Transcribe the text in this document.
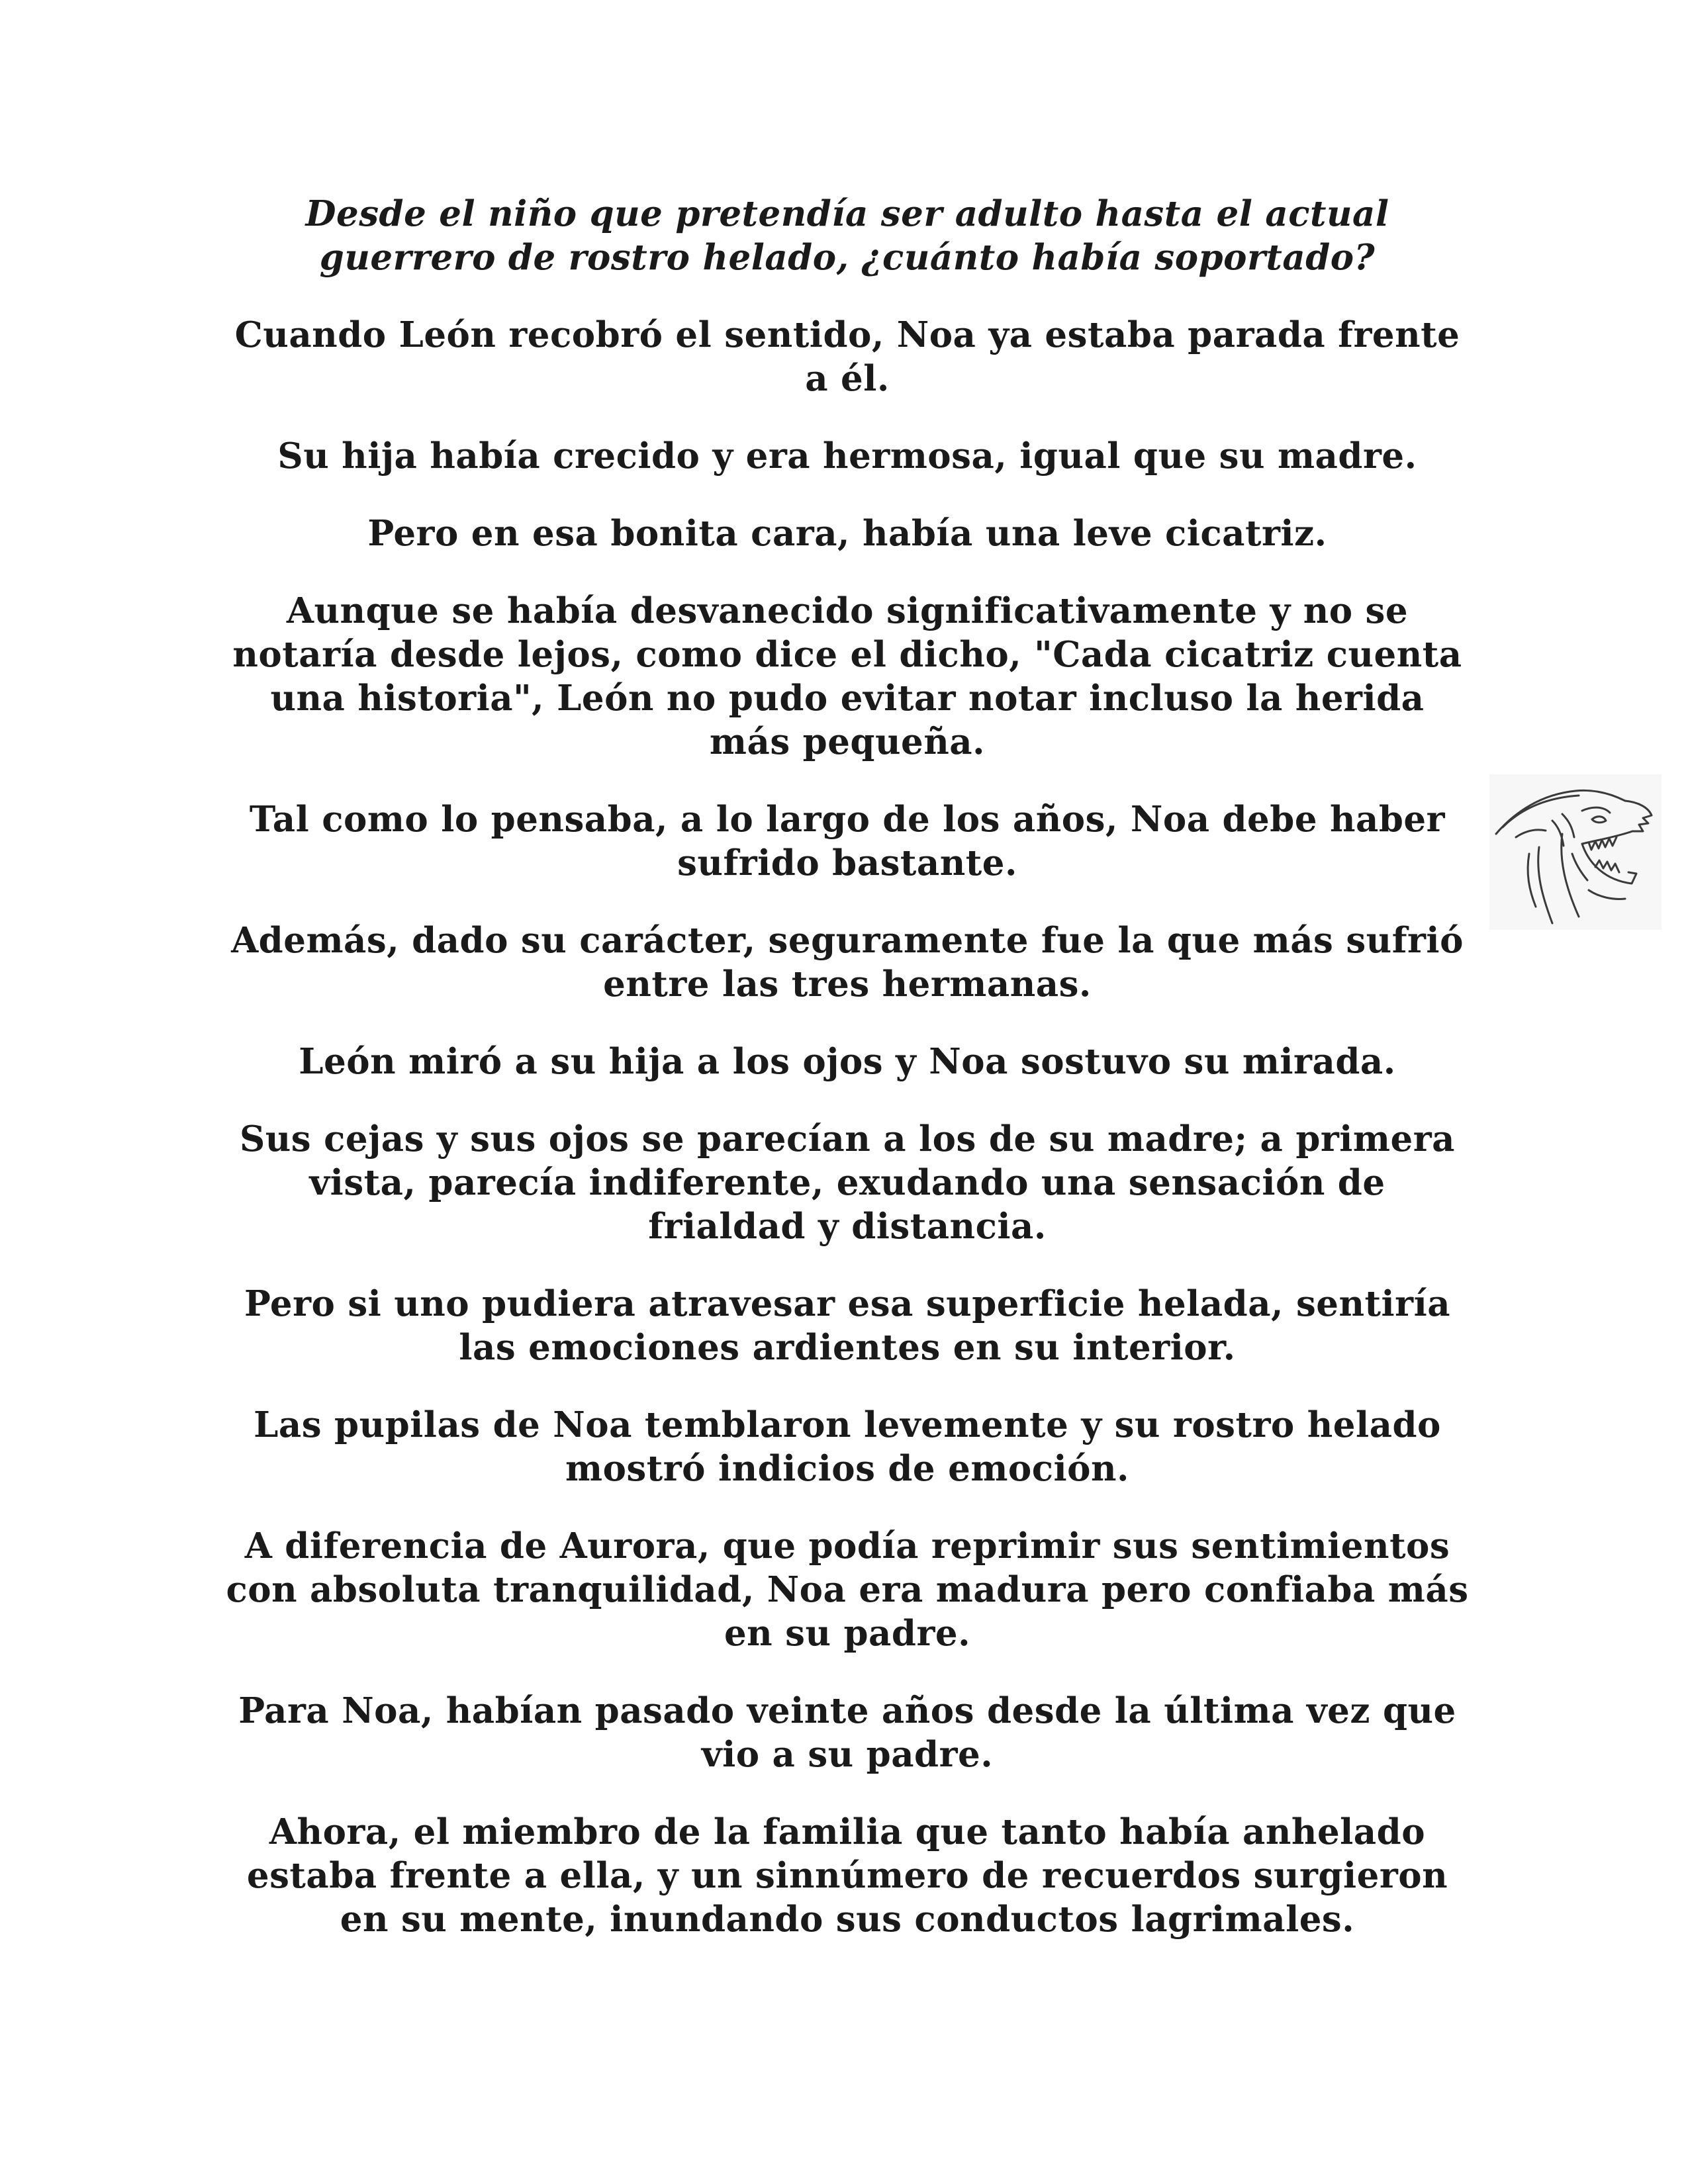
Desde el niño que pretendía ser adulto hasta el actual guerrero de rostro helado, ¿cuánto había soportado?

Cuando León recobró el sentido, Noa ya estaba parada frente a él.

Su hija había crecido y era hermosa, igual que su madre.

Pero en esa bonita cara, había una leve cicatriz.

Aunque se había desvanecido significativamente y no se notaría desde lejos, como dice el dicho, "Cada cicatriz cuenta una historia", León no pudo evitar notar incluso la herida más pequeña.

Tal como lo pensaba, a lo largo de los años, Noa debe haber sufrido bastante.

Además, dado su carácter, seguramente fue la que más sufrió entre las tres hermanas.

León miró a su hija a los ojos y Noa sostuvo su mirada.

Sus cejas y sus ojos se parecían a los de su madre; a primera vista, parecía indiferente, exudando una sensación de frialdad y distancia.

Pero si uno pudiera atravesar esa superficie helada, sentiría las emociones ardientes en su interior.

Las pupilas de Noa temblaron levemente y su rostro helado mostró indicios de emoción.

A diferencia de Aurora, que podía reprimir sus sentimientos con absoluta tranquilidad, Noa era madura pero confiaba más en su padre.

Para Noa, habían pasado veinte años desde la última vez que vio a su padre.

Ahora, el miembro de la familia que tanto había anhelado estaba frente a ella, y un sinnúmero de recuerdos surgieron en su mente, inundando sus conductos lagrimales.
